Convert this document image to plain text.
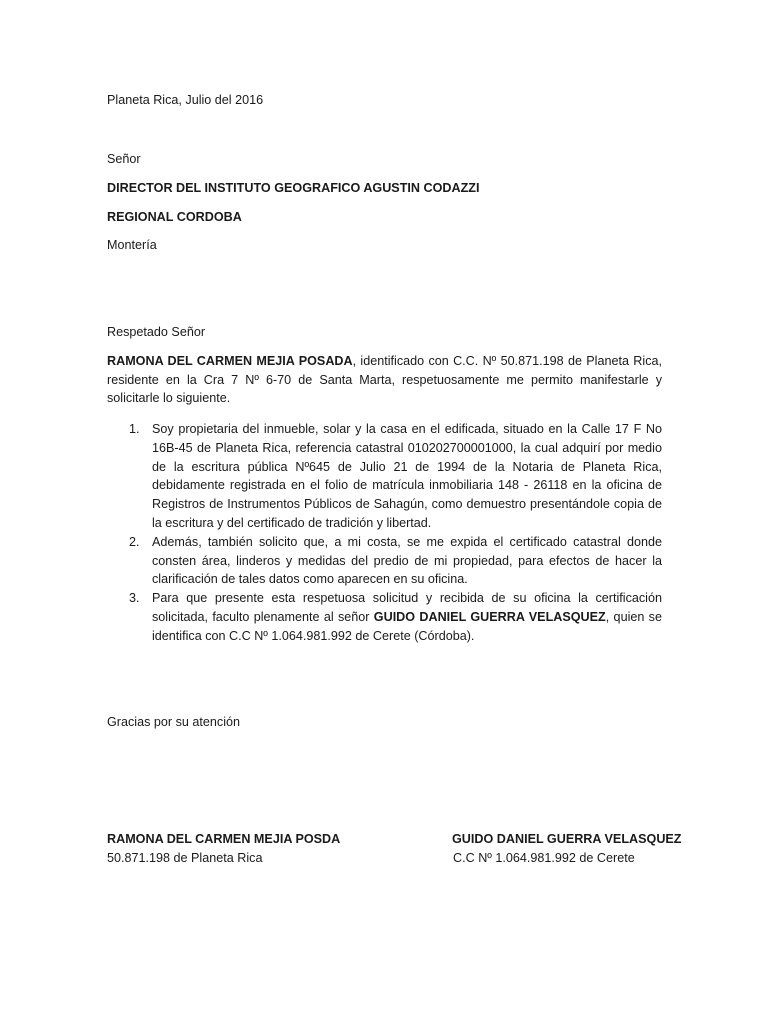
Planeta Rica, Julio del 2016
Señor
DIRECTOR DEL INSTITUTO GEOGRAFICO AGUSTIN CODAZZI
REGIONAL CORDOBA
Montería
Respetado Señor
RAMONA DEL CARMEN MEJIA POSADA, identificado con C.C. Nº 50.871.198 de Planeta Rica, residente en la Cra 7 Nº 6-70 de Santa Marta, respetuosamente me permito manifestarle y solicitarle lo siguiente.
1. Soy propietaria del inmueble, solar y la casa en el edificada, situado en la Calle 17 F No 16B-45 de Planeta Rica, referencia catastral 010202700001000, la cual adquirí por medio de la escritura pública Nº645 de Julio 21 de 1994 de la Notaria de Planeta Rica, debidamente registrada en el folio de matrícula inmobiliaria 148 - 26118 en la oficina de Registros de Instrumentos Públicos de Sahagún, como demuestro presentándole copia de la escritura y del certificado de tradición y libertad.
2. Además, también solicito que, a mi costa, se me expida el certificado catastral donde consten área, linderos y medidas del predio de mi propiedad, para efectos de hacer la clarificación de tales datos como aparecen en su oficina.
3. Para que presente esta respetuosa solicitud y recibida de su oficina la certificación solicitada, faculto plenamente al señor GUIDO DANIEL GUERRA VELASQUEZ, quien se identifica con C.C Nº 1.064.981.992 de Cerete (Córdoba).
Gracias por su atención
RAMONA DEL CARMEN MEJIA POSDA
50.871.198 de Planeta Rica
GUIDO DANIEL GUERRA VELASQUEZ
C.C Nº 1.064.981.992 de Cerete
